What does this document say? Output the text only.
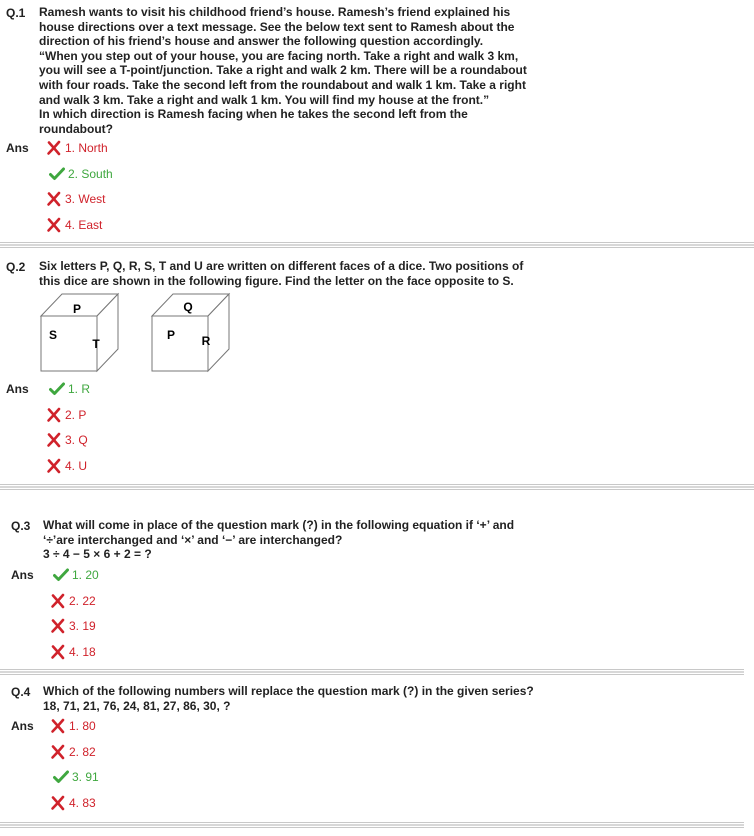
Q.1 Ramesh wants to visit his childhood friend’s house. Ramesh’s friend explained his
house directions over a text message. See the below text sent to Ramesh about the
direction of his friend’s house and answer the following question accordingly.
“When you step out of your house, you are facing north. Take a right and walk 3 km,
you will see a T-point/junction. Take a right and walk 2 km. There will be a roundabout
with four roads. Take the second left from the roundabout and walk 1 km. Take a right
and walk 3 km. Take a right and walk 1 km. You will find my house at the front.”
In which direction is Ramesh facing when he takes the second left from the
roundabout?
Ans	1. North
2. South
3. West
4. East
Q.2 Six letters P, Q, R, S, T and U are written on different faces of a dice. Two positions of
this dice are shown in the following figure. Find the letter on the face opposite to S.
P
S
T
Q
P R
Ans	1. R
2. P
3. Q
4. U
Q.3 What will come in place of the question mark (?) in the following equation if ‘+’ and
‘÷’are interchanged and ‘×’ and ‘−’ are interchanged?
3 ÷ 4 − 5 × 6 + 2 = ?
Ans	1. 20
2. 22
3. 19
4. 18
Q.4 Which of the following numbers will replace the question mark (?) in the given series?
18, 71, 21, 76, 24, 81, 27, 86, 30, ?
Ans	1. 80
2. 82
3. 91
4. 83
